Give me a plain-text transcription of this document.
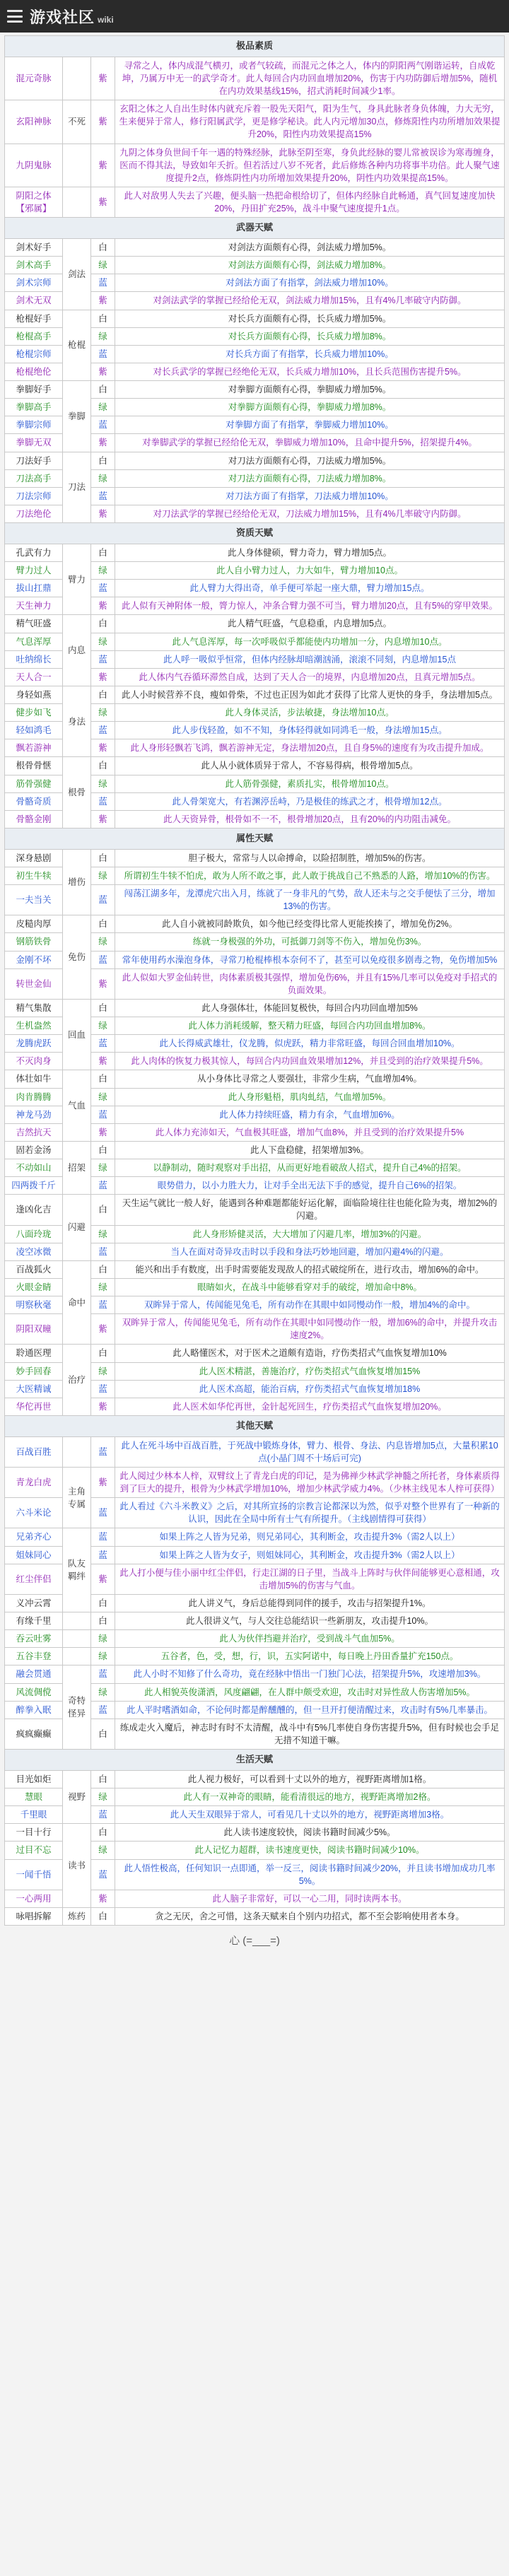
游戏社区 wiki
极品素质			
混元奇脉		紫	寻常之人，体内成混气横刃，或者气较疏，而混元之体之人，体内的阴阳两气刚谐运转，自成乾坤，乃属万中无一的武学奇才。此人每回合内功回血增加20%，伤害于内功防御后增加5%，随机在内功效果基线15%，招式消耗时间减少1率。
玄阳神脉	不死	紫	玄阳之体之人自出生时体内就充斥着一股先天阳气，阳为生气，身具此脉者身负体魄，力大无穷，生来便异于常人，修行阳属武学，更是修学秘诀。此人内元增加30点，修炼阳性内功所增加效果提升20%，阳性内功效果提高15%
九阴鬼脉		紫	九阴之体身负世间千年一遇的特殊经脉，此脉至阴至寒，身负此经脉的婴儿常被误诊为寒毒缠身，医而不得其法，导致如年夭折。但若活过八岁不死者，此后修炼各种内功将事半功倍。此人聚气速度提升2点，修炼阴性内功所增加效果提升20%，阴性内功效果提高15%。
阴阳之体【邪属】		紫	此人对敌男人失去了兴趣，便头脑一热把命根给切了，但体内经脉自此畅通，真气回复速度加快20%，丹田扩充25%，战斗中聚气速度提升1点。
武器天赋			
剑术好手	剑法	白	对剑法方面颇有心得，剑法威力增加5%。
剑术高手		绿	对剑法方面颇有心得，剑法威力增加8%。
剑术宗师		蓝	对剑法方面了有指掌，剑法威力增加10%。
剑术无双		紫	对剑法武学的掌握已经给伦无双，剑法威力增加15%，且有4%几率破守内防御。
枪棍好手	枪棍	白	对长兵方面颇有心得，长兵威力增加5%。
枪棍高手		绿	对长兵方面颇有心得，长兵威力增加8%。
枪棍宗师		蓝	对长兵方面了有指掌，长兵威力增加10%。
枪棍绝伦		紫	对长兵武学的掌握已经绝伦无双，长兵威力增加10%，且长兵范围伤害提升5%。
拳脚好手	拳脚	白	对拳脚方面颇有心得，拳脚威力增加5%。
拳脚高手		绿	对拳脚方面颇有心得，拳脚威力增加8%。
拳脚宗师		蓝	对拳脚方面了有指掌，拳脚威力增加10%。
拳脚无双		紫	对拳脚武学的掌握已经给伦无双，拳脚威力增加10%，且命中提升5%，招架提升4%。
刀法好手	刀法	白	对刀法方面颇有心得，刀法威力增加5%。
刀法高手		绿	对刀法方面颇有心得，刀法威力增加8%。
刀法宗师		蓝	对刀法方面了有指掌，刀法威力增加10%。
刀法绝伦		紫	对刀法武学的掌握已经给伦无双，刀法威力增加15%，且有4%几率破守内防御。
资质天赋			
孔武有力	臂力	白	此人身体健硕，臂力奇力，臂力增加5点。
臂力过人		绿	此人自小臂力过人，力大如牛，臂力增加10点。
拔山扛鼎		蓝	此人臂力大得出奇，单手便可举起一座大鼎，臂力增加15点。
天生神力		紫	此人似有天神附体一般，膂力惊人，冲条合臂力强不可当，臂力增加20点，且有5%的穿甲效果。
精气旺盛	内息	白	此人精气旺盛，气息稳重，内息增加5点。
气息浑厚		绿	此人气息浑厚，每一次呼吸似乎都能使内功增加一分，内息增加10点。
吐纳绵长		蓝	此人呼一吸似乎恒常，但体内经脉却暗潮汹涌，滚滚不同刻，内息增加15点
天人合一		紫	此人体内气吞循环滞然自成，达到了天人合一的境界，内息增加20点，且真元增加5点。
身轻如燕	身法	白	此人小时候营养不良，瘦如骨柴，不过也正因为如此才获得了比常人更快的身手，身法增加5点。
健步如飞		绿	此人身体灵活，步法敏捷，身法增加10点。
轻如鸿毛		蓝	此人步伐轻盈，如不不知，身体轻得就如同鸿毛一般，身法增加15点。
飘若游神		紫	此人身形轻飘若飞鸿，飘若游神无定，身法增加20点，且自身5%的速度有为攻击提升加成。
根骨骨惬	根骨	白	此人从小就体质异于常人，不容易得病，根骨增加5点。
筋骨强健		绿	此人筋骨强健，素质扎实，根骨增加10点。
骨骼奇质		蓝	此人骨架宽大，有若渊渟岳峙，乃是极佳的练武之才，根骨增加12点。
骨骼金刚		紫	此人天资异骨，根骨如不一不，根骨增加20点，且有20%的内功阻击减免。
属性天赋			
深身悬剧	增伤	白	胆子极大，常常与人以命搏命，以险招制胜，增加5%的伤害。
初生牛犊		绿	所谓初生牛犊不怕虎，敢为人所不敢之事，此人敢于挑战自己不熟悉的人路，增加10%的伤害。
一夫当关		蓝	闯荡江湖多年，龙潭虎穴出入月，练就了一身非凡的气势，敌人还未与之交手便怯了三分，增加13%的伤害。
皮糙肉厚	免伤	白	此人自小就被同龄欺负，如今他已经变得比常人更能挨揍了，增加免伤2%。
钢筋铁骨		绿	练就一身极强的外功，可抵御刀剑等不伤入，增加免伤3%。
金刚不坏		蓝	常年使用药水澡泡身体，寻常刀枪棍棒根本奈何不了，甚至可以免疫很多剧毒之物，免伤增加5%
转世金仙		紫	此人似如大罗金仙转世，肉体素质极其强悍，增加免伤6%，并且有15%几率可以免疫对手招式的负面效果。
精气集散	回血	白	此人身强体壮，体能回复极快，每回合内功回血增加5%
生机盎然		绿	此人体力消耗缓解，整天精力旺盛，每回合内功回血增加8%。
龙腾虎跃		蓝	此人长得威武雄壮，仪龙腾，似虎跃，精力非常旺盛，每回合回血增加10%。
不灭肉身		紫	此人肉体的恢复力极其惊人，每回合内功回血效果增加12%，并且受到的治疗效果提升5%。
体壮如牛	气血	白	从小身体比寻常之人要强壮，非常少生病，气血增加4%。
肉肯腾腾		绿	此人身形魁梧，肌肉虬结，气血增加5%。
神龙马劲		蓝	此人体力持续旺盛，精力有余，气血增加6%。
吉然抗天		紫	此人体力充沛如天，气血极其旺盛，增加气血8%，并且受到的治疗效果提升5%
固若金汤	招架	白	此人下盘稳健，招架增加3%。
不动如山		绿	以静制动，随时观察对手出招，从而更好地看破敌人招式，提升自己4%的招架。
四两拨千斤		蓝	眼势借力，以小力胜大力，让对手全出无法下手的感觉，提升自己6%的招架。
逢凶化吉	闪避	白	天生运气就比一般人好，能遇到各种难题都能好运化解，面临险境往往也能化险为夷，增加2%的闪避。
八面玲珑		绿	此人身形矫健灵活，大大增加了闪避几率，增加3%的闪避。
凌空冰微		蓝	当人在面对奇异攻击时以手段和身法巧妙地回避，增加闪避4%的闪避。
百战狐火	命中	白	能兴和出手有数度，出手时需要能发现敌人的招式破绽所在，进行攻击，增加6%的命中。
火眼金睛		绿	眼睛如火，在战斗中能够看穿对手的破绽，增加命中8%。
明察秋毫		蓝	双眸异于常人，传闻能见兔毛，所有动作在其眼中如同慢动作一般，增加4%的命中。
阴阳双瞳		紫	双眸异于常人，传闻能见兔毛，所有动作在其眼中如同慢动作一般，增加6%的命中，并提升攻击速度2%。
聆通医理	治疗	白	此人略懂医术，对于医术之道颇有造诣，疗伤类招式气血恢复增加10%
妙手回春		绿	此人医术精湛，善施治疗，疗伤类招式气血恢复增加15%
大医精诚		蓝	此人医术高超，能治百病，疗伤类招式气血恢复增加18%
华佗再世		紫	此人医术如华佗再世，金针起死回生，疗伤类招式气血恢复增加20%。
其他天赋			
百战百胜		蓝	此人在死斗场中百战百胜，于死战中锻炼身体，臂力、根骨、身法、内息皆增加5点，大量积累10点(小晶门周不十场后可完)
青龙白虎	主角专属	紫	此人阅过少林本人梓，双臂纹上了青龙白虎的印记，是为佛禅少林武学神髓之所托者，身体素质得到了巨大的提升，根骨为少林武学增加10%，增加少林武学威力4%。（少林主线见本人梓可获得）
六斗米论		蓝	此人看过《六斗米教义》之后，对其所宣扬的宗教言论都深以为然，似乎对整个世界有了一种新的认识，因此在全局中所有士气有所提升。（主线剧情得可获得）
兄弟齐心	队友羁绊	蓝	如果上阵之人皆为兄弟，则兄弟同心，其利断金，攻击提升3%（需2人以上）
姐妹同心		蓝	如果上阵之人皆为女子，则姐妹同心，其利断金，攻击提升3%（需2人以上）
红尘伴侣		紫	此人打小便与佳小丽中红尘伴侣，行走江湖的日子里，当战斗上阵时与伙伴间能够更心意相通，攻击增加5%的伤害与气血。
义冲云霄		白	此人讲义气，身后总能得到同伴的援手，攻击与招架提升1%。
有缘千里		白	此人很讲义气，与人交往总能结识一些新朋友，攻击提升10%。
吞云吐雾		绿	此人为伙伴挡避并治疗，受到战斗气血加5%。
五谷丰登		绿	五谷者，色，受，想，行，识，五实阿诺中，每日晚上丹田香量扩充150点。
融会贯通	奇特怪异	蓝	此人小时不知修了什么奇功，竟在经脉中悟出一门独门心法，招架提升5%，攻速增加3%。
风流倜傥		绿	此人相貌英俊潇洒，风度翩翩，在人群中颇受欢迎，攻击时对异性敌人伤害增加5%。
醉拳入眠		蓝	此人平时嗜酒如命，不论何时都是醉醺醺的，但一旦开打便清醒过来，攻击时有5%几率暴击。
疯疯癫癫		白	练成走火入魔后，神志时有时不太清醒，战斗中有5%几率使自身伤害提升5%，但有时候也会手足无措不知道干嘛。
生活天赋			
目光如炬	视野	白	此人视力极好，可以看到十丈以外的地方，视野距离增加1格。
慧眼		绿	此人有一双神奇的眼睛，能看清很远的地方，视野距离增加2格。
千里眼		蓝	此人天生双眼异于常人，可看见几十丈以外的地方，视野距离增加3格。
一目十行	读书	白	此人读书速度较快，阅读书籍时间减少5%。
过目不忘		绿	此人记忆力超群，读书速度更快，阅读书籍时间减少10%。
一闻千悟		蓝	此人悟性极高，任何知识一点即通，举一反三，阅读书籍时间减少20%，并且读书增加成功几率5%。
一心两用		紫	此人脑子非常好，可以一心二用，同时读两本书。
咏唱拆解	炼药	白	贪之无厌，舍之可惜，这条天赋来自个别内功招式，都不至会影响使用者本身。
心 (=___=)
